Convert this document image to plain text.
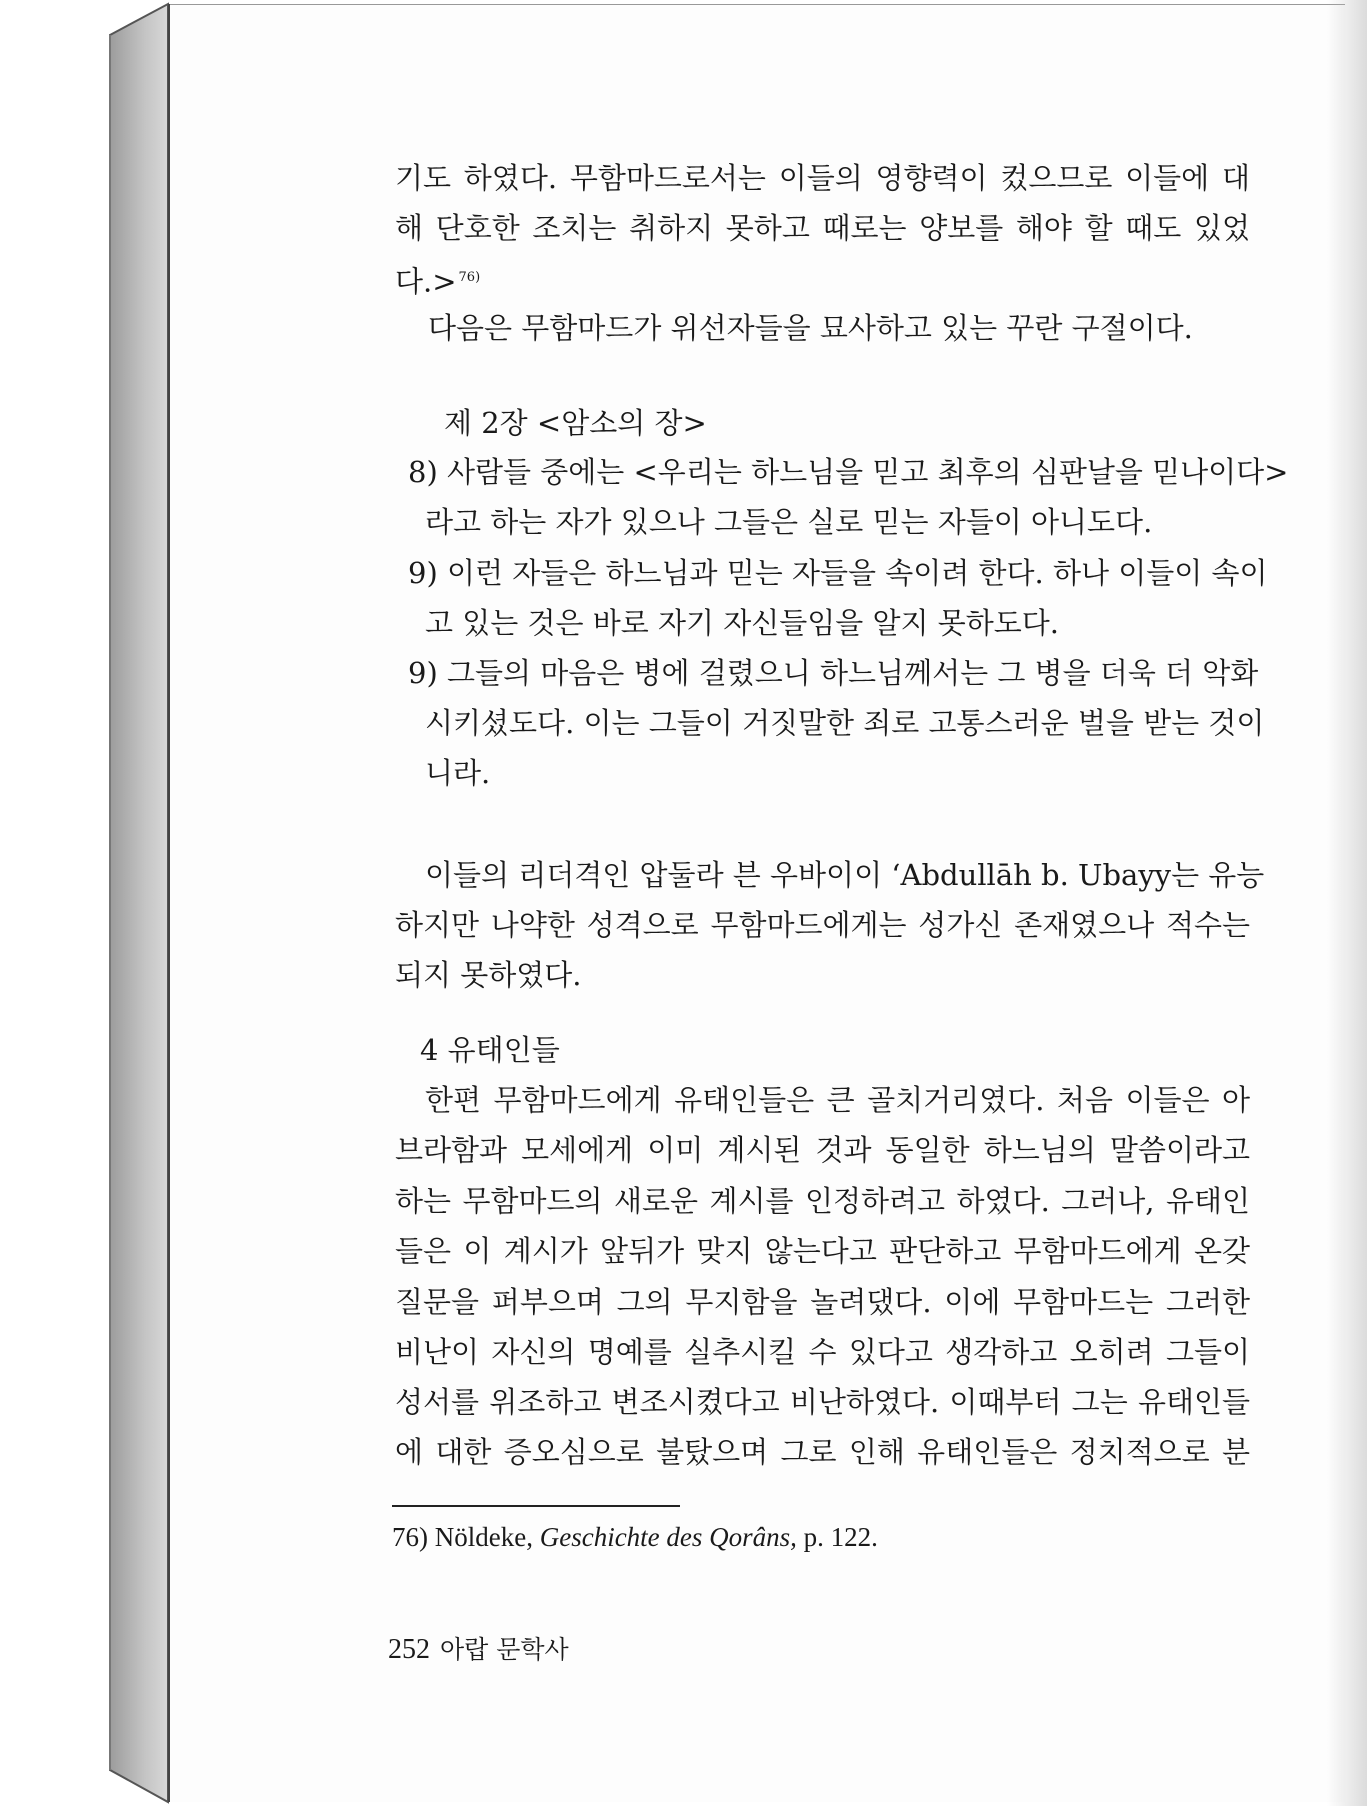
기도 하였다. 무함마드로서는 이들의 영향력이 컸으므로 이들에 대
해 단호한 조치는 취하지 못하고 때로는 양보를 해야 할 때도 있었
다.> $^{76)}$
다음은 무함마드가 위선자들을 묘사하고 있는 꾸란 구절이다.
제 2장 <암소의 장>
8) 사람들 중에는 <우리는 하느님을 믿고 최후의 심판날을 믿나이다>
라고 하는 자가 있으나 그들은 실로 믿는 자들이 아니도다.
9) 이런 자들은 하느님과 믿는 자들을 속이려 한다. 하나 이들이 속이
고 있는 것은 바로 자기 자신들임을 알지 못하도다.
9) 그들의 마음은 병에 걸렸으니 하느님께서는 그 병을 더욱 더 악화
시키셨도다. 이는 그들이 거짓말한 죄로 고통스러운 벌을 받는 것이
니라.
이들의 리더격인 압둘라 븐 우바이이 ‘Abdullāh b. Ubayy는 유능
하지만 나약한 성격으로 무함마드에게는 성가신 존재였으나 적수는
되지 못하였다.
4 유태인들
한편 무함마드에게 유태인들은 큰 골치거리였다. 처음 이들은 아
브라함과 모세에게 이미 계시된 것과 동일한 하느님의 말씀이라고
하는 무함마드의 새로운 계시를 인정하려고 하였다. 그러나, 유태인
들은 이 계시가 앞뒤가 맞지 않는다고 판단하고 무함마드에게 온갖
질문을 퍼부으며 그의 무지함을 놀려댔다. 이에 무함마드는 그러한
비난이 자신의 명예를 실추시킬 수 있다고 생각하고 오히려 그들이
성서를 위조하고 변조시켰다고 비난하였다. 이때부터 그는 유태인들
에 대한 증오심으로 불탔으며 그로 인해 유태인들은 정치적으로 분
76) Nöldeke, Geschichte des Qorâns, p. 122.
252 아랍 문학사
